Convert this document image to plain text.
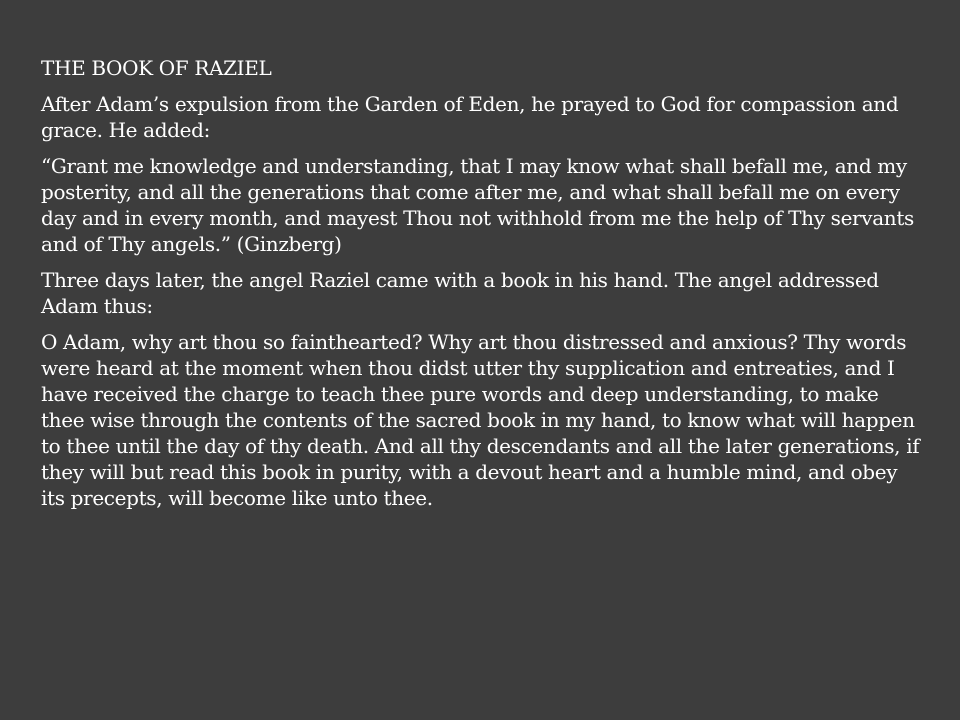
THE BOOK OF RAZIEL

After Adam’s expulsion from the Garden of Eden, he prayed to God for compassion and grace. He added:

“Grant me knowledge and understanding, that I may know what shall befall me, and my posterity, and all the generations that come after me, and what shall befall me on every day and in every month, and mayest Thou not withhold from me the help of Thy servants and of Thy angels.” (Ginzberg)

Three days later, the angel Raziel came with a book in his hand. The angel addressed Adam thus:

O Adam, why art thou so fainthearted? Why art thou distressed and anxious? Thy words were heard at the moment when thou didst utter thy supplication and entreaties, and I have received the charge to teach thee pure words and deep understanding, to make thee wise through the contents of the sacred book in my hand, to know what will happen to thee until the day of thy death. And all thy descendants and all the later generations, if they will but read this book in purity, with a devout heart and a humble mind, and obey its precepts, will become like unto thee.
